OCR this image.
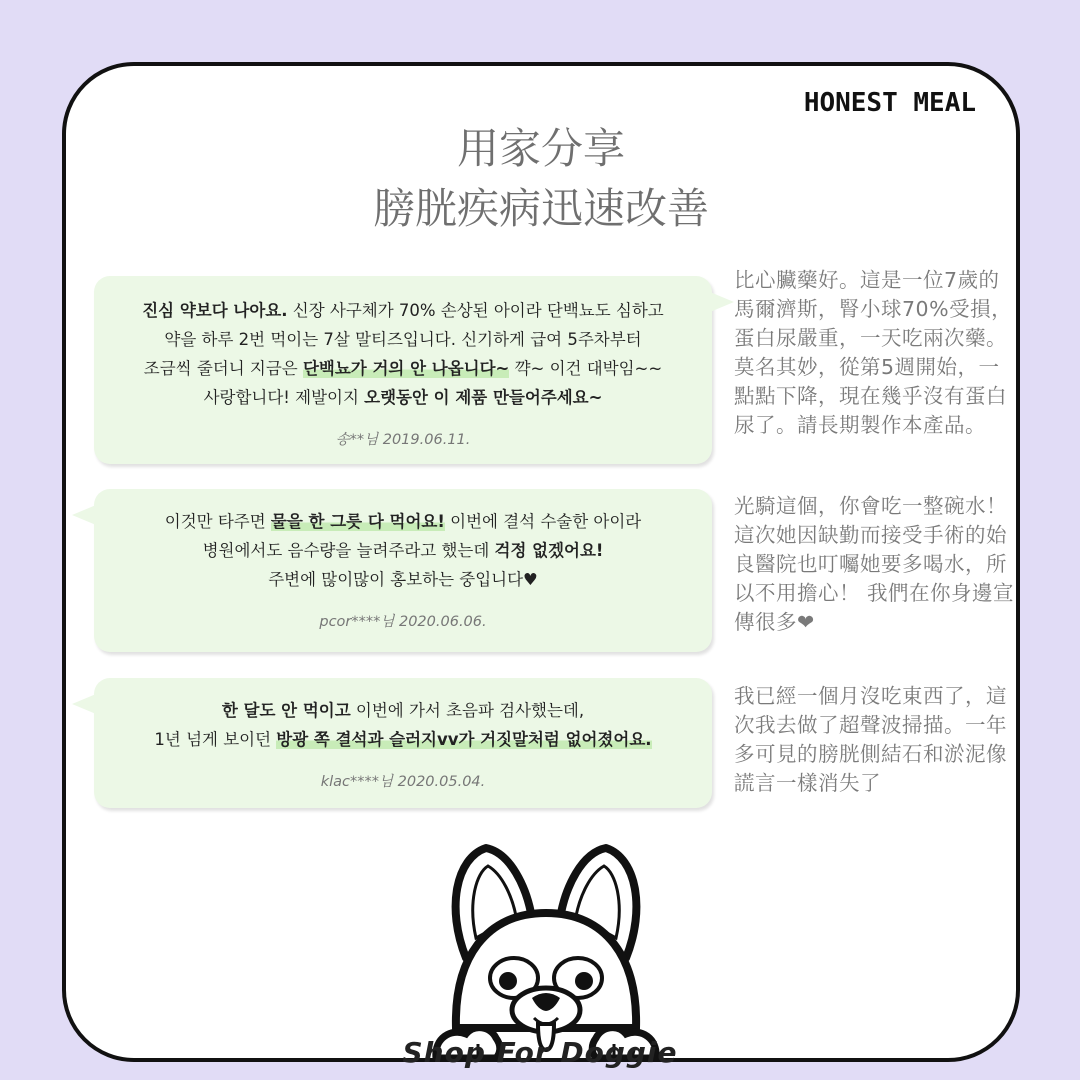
HONEST MEAL
用家分享
膀胱疾病迅速改善
진심 약보다 나아요. 신장 사구체가 70% 손상된 아이라 단백뇨도 심하고
약을 하루 2번 먹이는 7살 말티즈입니다. 신기하게 급여 5주차부터
조금씩 줄더니 지금은 단백뇨가 거의 안 나옵니다~ 꺅~ 이건 대박임~~
사랑합니다! 제발이지 오랫동안 이 제품 만들어주세요~
송**님 2019.06.11.
比心臟藥好。這是一位7歲的馬爾濟斯，腎小球70%受損，蛋白尿嚴重，一天吃兩次藥。莫名其妙，從第5週開始，一點點下降，現在幾乎沒有蛋白尿了。請長期製作本產品。
이것만 타주면 물을 한 그릇 다 먹어요! 이번에 결석 수술한 아이라
병원에서도 음수량을 늘려주라고 했는데 걱정 없겠어요!
주변에 많이많이 홍보하는 중입니다♥
pcor****님 2020.06.06.
光騎這個，你會吃一整碗水！這次她因缺勤而接受手術的始良醫院也叮囑她要多喝水，所以不用擔心！ 我們在你身邊宣傳很多❤
한 달도 안 먹이고 이번에 가서 초음파 검사했는데,
1년 넘게 보이던 방광 쪽 결석과 슬러지vv가 거짓말처럼 없어졌어요.
klac****님 2020.05.04.
我已經一個月沒吃東西了，這次我去做了超聲波掃描。一年多可見的膀胱側結石和淤泥像謊言一樣消失了
Shop For Doggie
